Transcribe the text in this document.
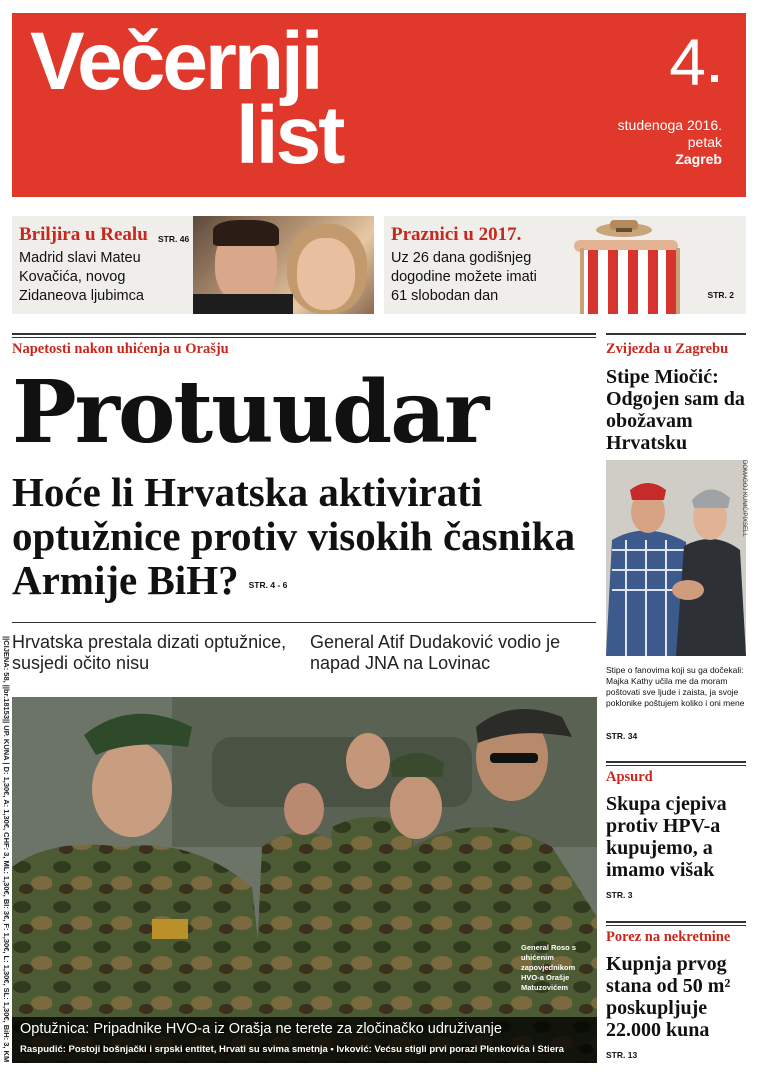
Večernji
list
4
studenoga 2016.
petak
Zagreb
Briljira u Realu STR. 46
Madrid slavi Mateu Kovačića, novog Zidaneova ljubimca
Praznici u 2017.
Uz 26 dana godišnjeg dogodine možete imati 61 slobodan dan	STR. 2
Napetosti nakon uhićenja u Orašju
Protuudar
Hoće li Hrvatska aktivirati optužnice protiv visokih časnika Armije BiH? STR. 4 - 6
Hrvatska prestala dizati optužnice, susjedi očito nisu
General Atif Dudaković vodio je napad JNA na Lovinac
||CIJENA: 58, ||br.18153|| UP. KUNA | D: 1,30€, A: 1,30€, CHF: 3, ML: 1,30€, BI: 3€, F: 1,30€, L: 1,30€, SL: 1,30€, BiH: 3, KM	General Roso s uhićenim zapovjednikom HVO-a Orašje Matuzovićem
Optužnica: Pripadnike HVO-a iz Orašja ne terete za zločinačko udruživanje
Raspudić: Postoji bošnjački i srpski entitet, Hrvati su svima smetnja • Ivković: Većsu stigli prvi porazi Plenkovića i Stiera
Zvijezda u Zagrebu
Stipe Miočić: Odgojen sam da obožavam Hrvatsku
DOMAGOJ KUNIĆ/PIXSELL
Stipe o fanovima koji su ga dočekali: Majka Kathy učila me da moram poštovati sve ljude i zaista, ja svoje poklonike poštujem koliko i oni mene
STR. 34
Apsurd
Skupa cjepiva protiv HPV-a kupujemo, a imamo višak
STR. 3
Porez na nekretnine
Kupnja prvog stana od 50 m² poskupljuje 22.000 kuna
STR. 13
